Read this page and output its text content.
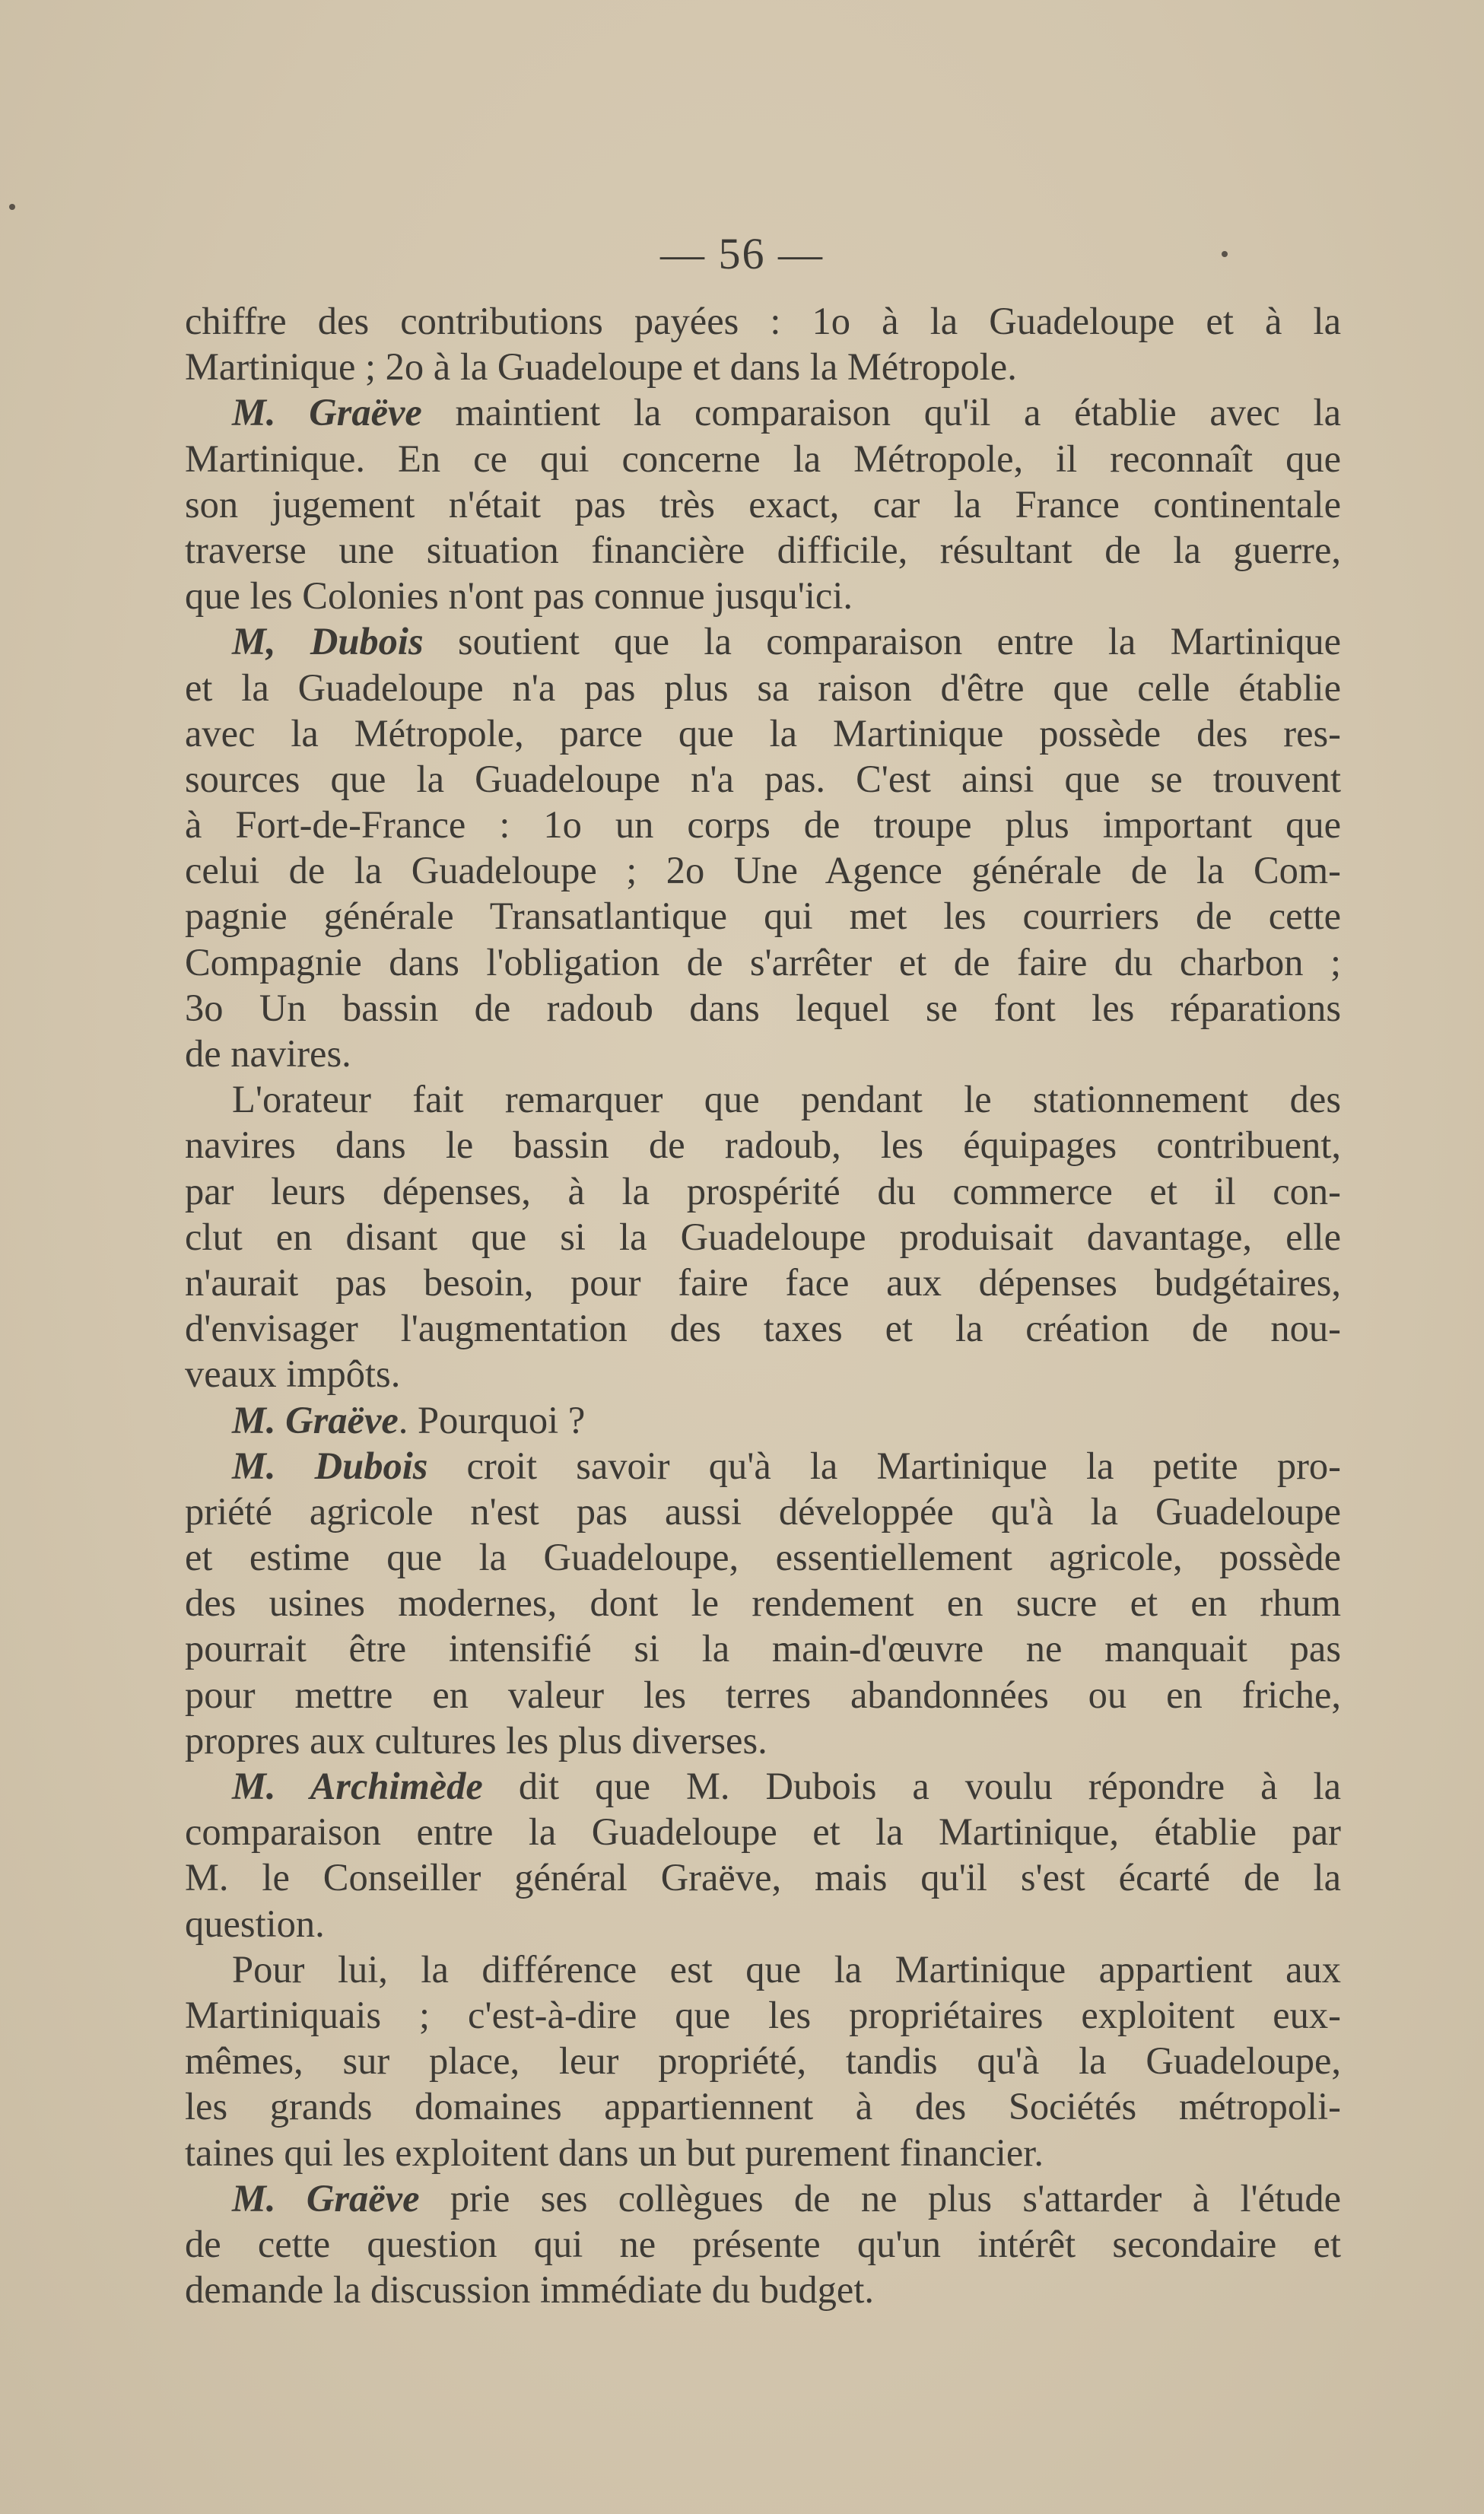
— 56 —
chiffre des contributions payées : 1o à la Guadeloupe et à la
Martinique ; 2o à la Guadeloupe et dans la Métropole.
M. Graëve maintient la comparaison qu'il a établie avec la
Martinique. En ce qui concerne la Métropole, il reconnaît que
son jugement n'était pas très exact, car la France continentale
traverse une situation financière difficile, résultant de la guerre,
que les Colonies n'ont pas connue jusqu'ici.
M, Dubois soutient que la comparaison entre la Martinique
et la Guadeloupe n'a pas plus sa raison d'être que celle établie
avec la Métropole, parce que la Martinique possède des res-
sources que la Guadeloupe n'a pas. C'est ainsi que se trouvent
à Fort-de-France : 1o un corps de troupe plus important que
celui de la Guadeloupe ; 2o Une Agence générale de la Com-
pagnie générale Transatlantique qui met les courriers de cette
Compagnie dans l'obligation de s'arrêter et de faire du charbon ;
3o Un bassin de radoub dans lequel se font les réparations
de navires.
L'orateur fait remarquer que pendant le stationnement des
navires dans le bassin de radoub, les équipages contribuent,
par leurs dépenses, à la prospérité du commerce et il con-
clut en disant que si la Guadeloupe produisait davantage, elle
n'aurait pas besoin, pour faire face aux dépenses budgétaires,
d'envisager l'augmentation des taxes et la création de nou-
veaux impôts.
M. Graëve. Pourquoi ?
M. Dubois croit savoir qu'à la Martinique la petite pro-
priété agricole n'est pas aussi développée qu'à la Guadeloupe
et estime que la Guadeloupe, essentiellement agricole, possède
des usines modernes, dont le rendement en sucre et en rhum
pourrait être intensifié si la main-d'œuvre ne manquait pas
pour mettre en valeur les terres abandonnées ou en friche,
propres aux cultures les plus diverses.
M. Archimède dit que M. Dubois a voulu répondre à la
comparaison entre la Guadeloupe et la Martinique, établie par
M. le Conseiller général Graëve, mais qu'il s'est écarté de la
question.
Pour lui, la différence est que la Martinique appartient aux
Martiniquais ; c'est-à-dire que les propriétaires exploitent eux-
mêmes, sur place, leur propriété, tandis qu'à la Guadeloupe,
les grands domaines appartiennent à des Sociétés métropoli-
taines qui les exploitent dans un but purement financier.
M. Graëve prie ses collègues de ne plus s'attarder à l'étude
de cette question qui ne présente qu'un intérêt secondaire et
demande la discussion immédiate du budget.
